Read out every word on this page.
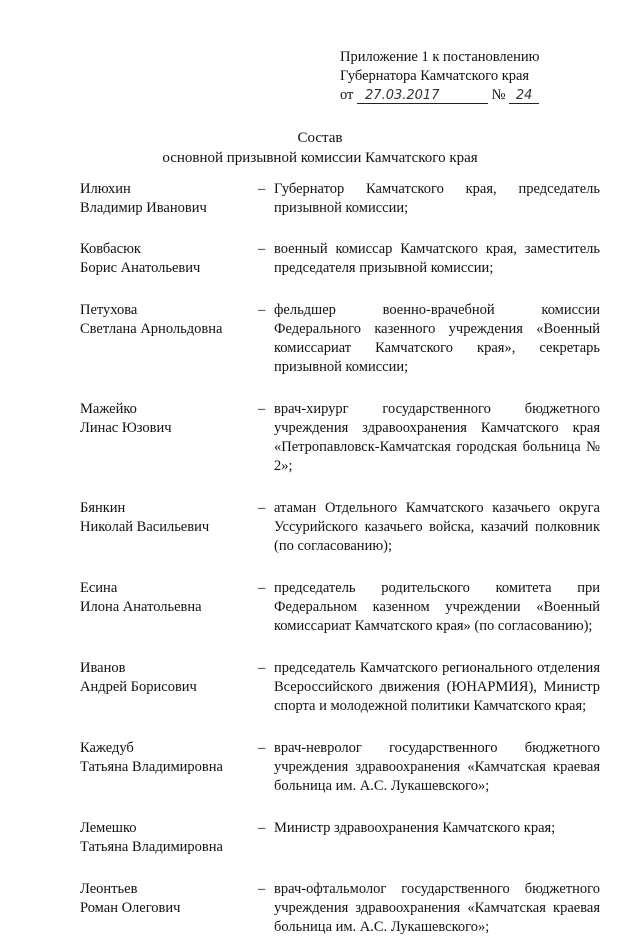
Приложение 1 к постановлению
Губернатора Камчатского края
от 27.03.2017	№ 24
Состав
основной призывной комиссии Камчатского края
Илюхин
Владимир Иванович
– Губернатор Камчатского края, председатель призывной комиссии;
Ковбасюк
Борис Анатольевич
– военный комиссар Камчатского края, заместитель председателя призывной комиссии;
Петухова
Светлана Арнольдовна
– фельдшер военно-врачебной комиссии Федерального казенного учреждения «Военный комиссариат Камчатского края», секретарь призывной комиссии;
Мажейко
Линас Юзович
– врач-хирург государственного бюджетного учреждения здравоохранения Камчатского края «Петропавловск-Камчатская городская больница № 2»;
Бянкин
Николай Васильевич
– атаман Отдельного Камчатского казачьего округа Уссурийского казачьего войска, казачий полковник (по согласованию);
Есина
Илона Анатольевна
– председатель родительского комитета при Федеральном казенном учреждении «Военный комиссариат Камчатского края» (по согласованию);
Иванов
Андрей Борисович
– председатель Камчатского регионального отделения Всероссийского движения (ЮНАРМИЯ), Министр спорта и молодежной политики Камчатского края;
Кажедуб
Татьяна Владимировна
– врач-невролог государственного бюджетного учреждения здравоохранения «Камчатская краевая больница им. А.С. Лукашевского»;
Лемешко
Татьяна Владимировна
– Министр здравоохранения Камчатского края;
Леонтьев
Роман Олегович
– врач-офтальмолог государственного бюджетного учреждения здравоохранения «Камчатская краевая больница им. А.С. Лукашевского»;
